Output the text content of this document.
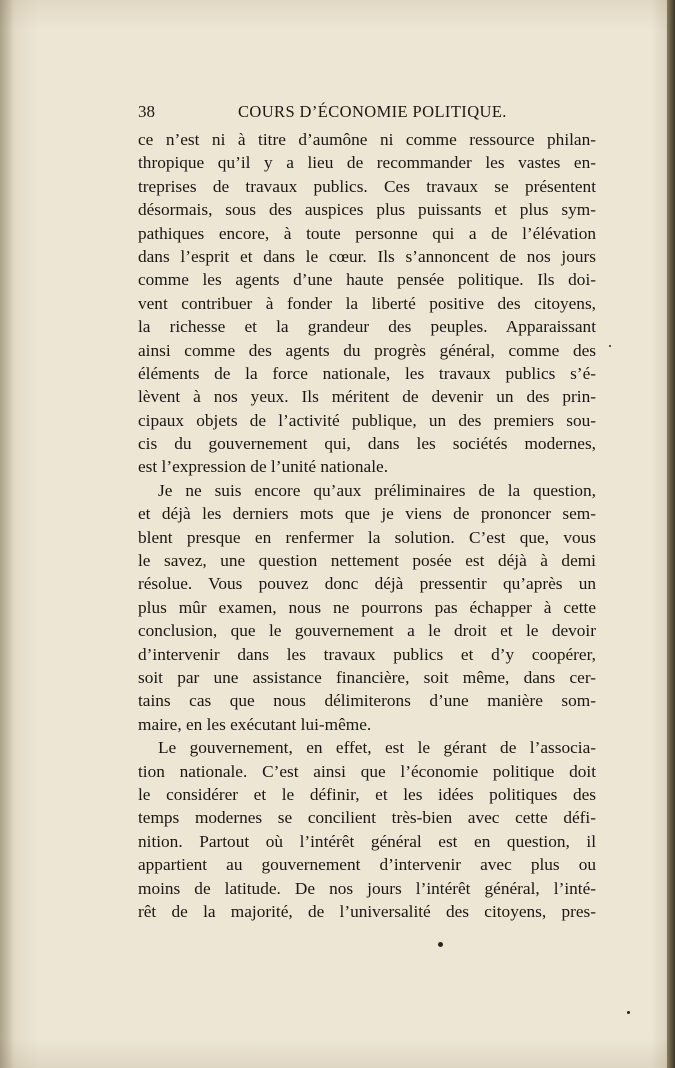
38	COURS D’ÉCONOMIE POLITIQUE.
ce n’est ni à titre d’aumône ni comme ressource philan-
thropique qu’il y a lieu de recommander les vastes en-
treprises de travaux publics. Ces travaux se présentent
désormais, sous des auspices plus puissants et plus sym-
pathiques encore, à toute personne qui a de l’élévation
dans l’esprit et dans le cœur. Ils s’annoncent de nos jours
comme les agents d’une haute pensée politique. Ils doi-
vent contribuer à fonder la liberté positive des citoyens,
la richesse et la grandeur des peuples. Apparaissant
ainsi comme des agents du progrès général, comme des
éléments de la force nationale, les travaux publics s’é-
lèvent à nos yeux. Ils méritent de devenir un des prin-
cipaux objets de l’activité publique, un des premiers sou-
cis du gouvernement qui, dans les sociétés modernes,
est l’expression de l’unité nationale.
Je ne suis encore qu’aux préliminaires de la question,
et déjà les derniers mots que je viens de prononcer sem-
blent presque en renfermer la solution. C’est que, vous
le savez, une question nettement posée est déjà à demi
résolue. Vous pouvez donc déjà pressentir qu’après un
plus mûr examen, nous ne pourrons pas échapper à cette
conclusion, que le gouvernement a le droit et le devoir
d’intervenir dans les travaux publics et d’y coopérer,
soit par une assistance financière, soit même, dans cer-
tains cas que nous délimiterons d’une manière som-
maire, en les exécutant lui-même.
Le gouvernement, en effet, est le gérant de l’associa-
tion nationale. C’est ainsi que l’économie politique doit
le considérer et le définir, et les idées politiques des
temps modernes se concilient très-bien avec cette défi-
nition. Partout où l’intérêt général est en question, il
appartient au gouvernement d’intervenir avec plus ou
moins de latitude. De nos jours l’intérêt général, l’inté-
rêt de la majorité, de l’universalité des citoyens, pres-
